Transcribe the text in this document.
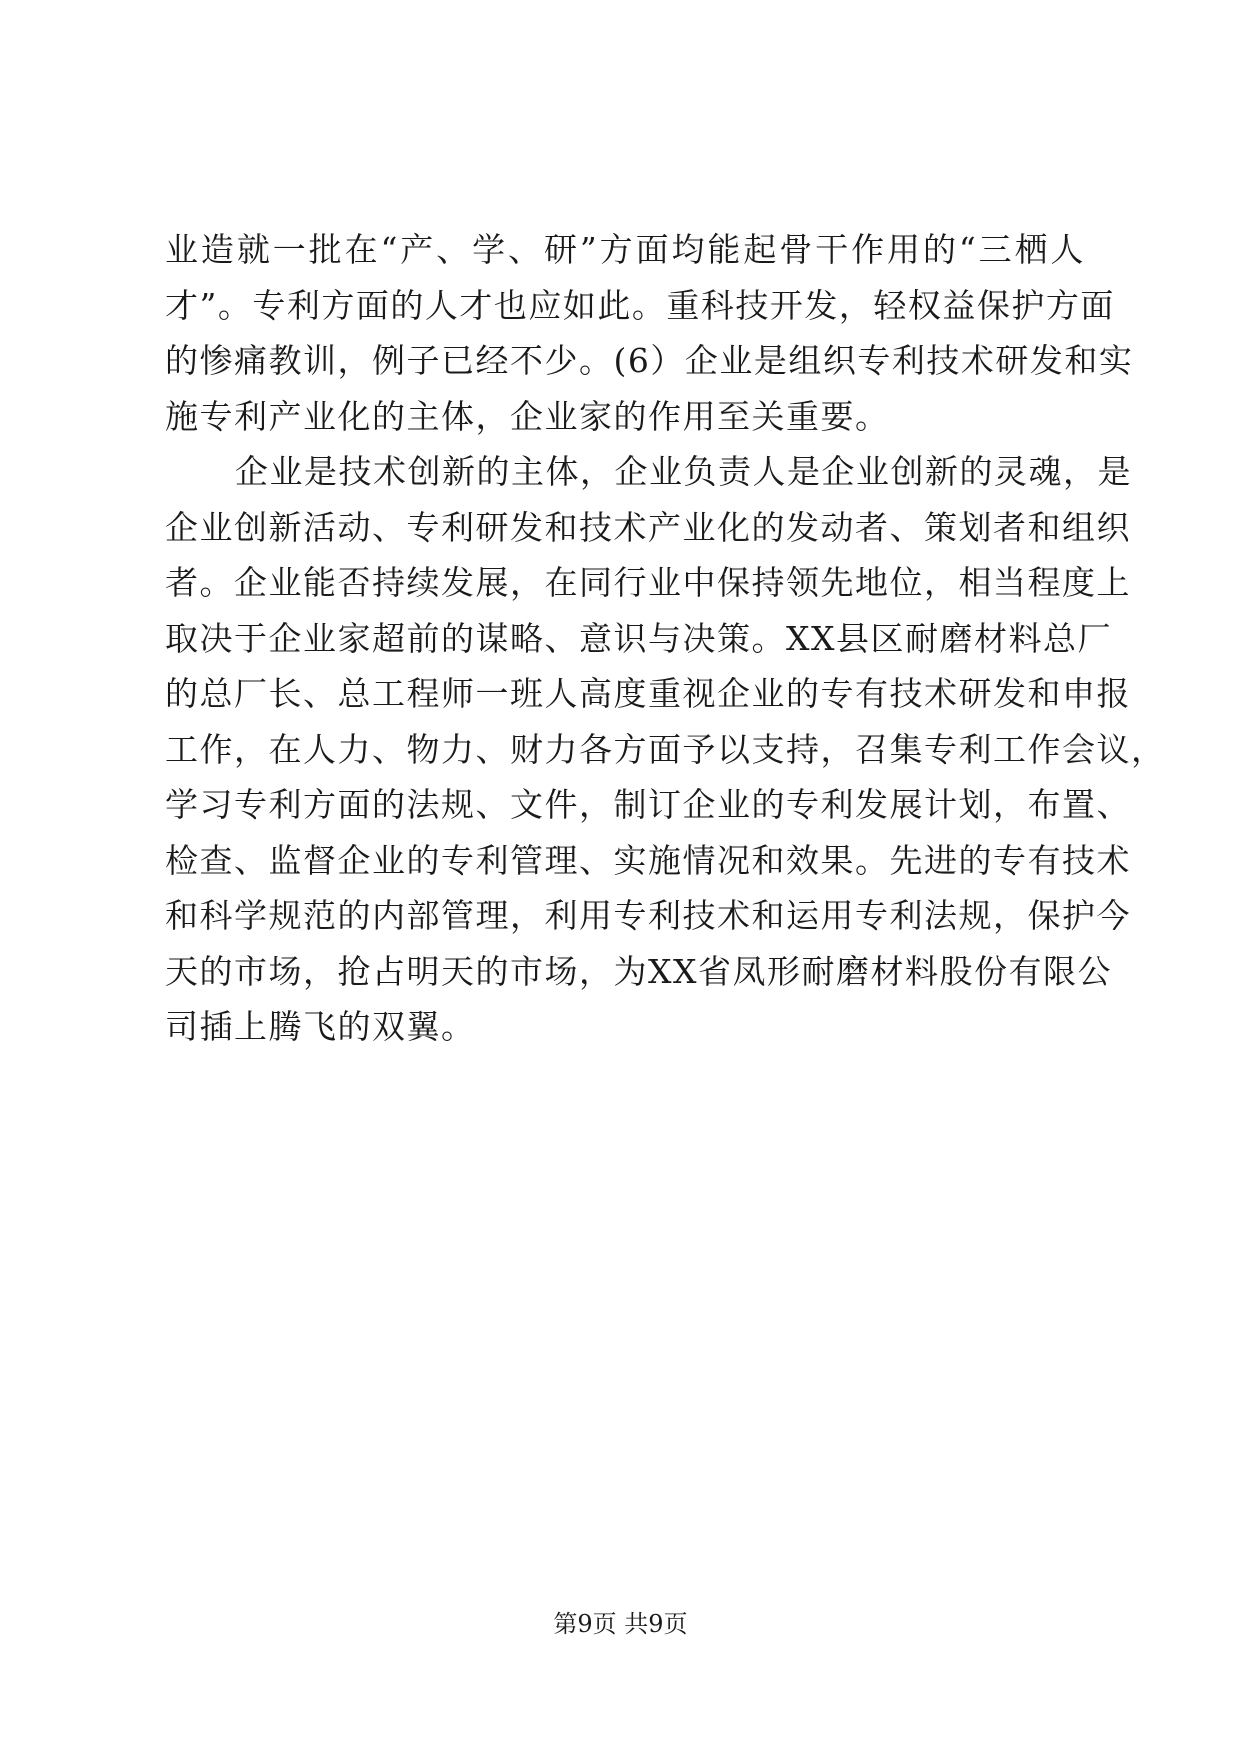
业造就一批在“产、学、研”方面均能起骨干作用的“三栖人
才”。专利方面的人才也应如此。重科技开发，轻权益保护方面
的惨痛教训，例子已经不少。(6）企业是组织专利技术研发和实
施专利产业化的主体，企业家的作用至关重要。
企业是技术创新的主体，企业负责人是企业创新的灵魂，是
企业创新活动、专利研发和技术产业化的发动者、策划者和组织
者。企业能否持续发展，在同行业中保持领先地位，相当程度上
取决于企业家超前的谋略、意识与决策。XX县区耐磨材料总厂
的总厂长、总工程师一班人高度重视企业的专有技术研发和申报
工作，在人力、物力、财力各方面予以支持，召集专利工作会议，
学习专利方面的法规、文件，制订企业的专利发展计划，布置、
检查、监督企业的专利管理、实施情况和效果。先进的专有技术
和科学规范的内部管理，利用专利技术和运用专利法规，保护今
天的市场，抢占明天的市场，为XX省凤形耐磨材料股份有限公
司插上腾飞的双翼。
第9页 共9页
